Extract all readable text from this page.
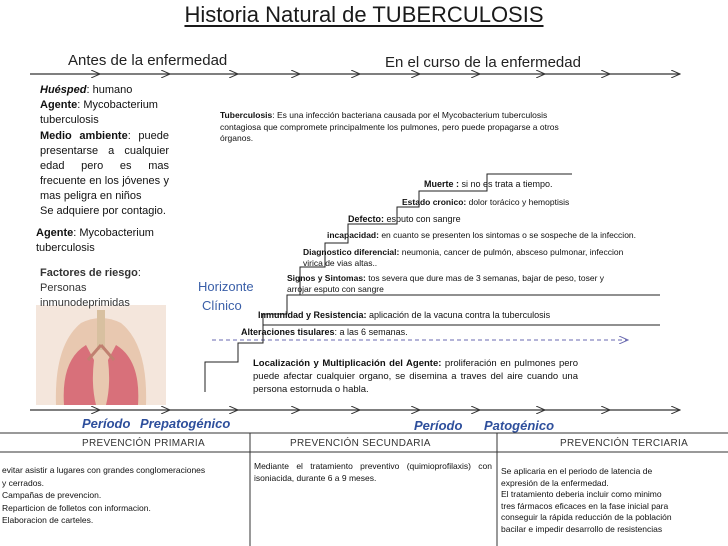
Historia Natural de TUBERCULOSIS
Antes de la enfermedad	En el curso de la enfermedad
Huésped: humano
Agente: Mycobacterium tuberculosis
Medio ambiente: puede presentarse a cualquier edad pero es mas frecuente en los jóvenes y mas peligra en niños
Se adquiere por contagio.
Agente: Mycobacterium tuberculosis
Factores de riesgo: Personas inmunodeprimidas
Tuberculosis: Es una infección bacteriana causada por el Mycobacterium tuberculosis contagiosa que compromete principalmente los pulmones, pero puede propagarse a otros órganos.
Horizonte
Clínico
Muerte : si no es trata a tiempo.
Estado cronico: dolor torácico y hemoptisis
Defecto: esputo con sangre
incapacidad: en cuanto se presenten los sintomas o se sospeche de la infeccion.
Diagnostico diferencial: neumonia, cancer de pulmón, absceso pulmonar, infeccion
virica de vias altas..
Signos y Sintomas: tos severa que dure mas de 3 semanas, bajar de peso, toser y
arrojar esputo con sangre
Inmunidad y Resistencia: aplicación de la vacuna contra la tuberculosis
Alteraciones tisulares: a las 6 semanas.
Localización y Multiplicación del Agente: proliferación en pulmones pero puede afectar cualquier organo, se disemina a traves del aire cuando una persona estornuda o habla.
Período Prepatogénico	Período Patogénico
PREVENCIÓN PRIMARIA	PREVENCIÓN SECUNDARIA	PREVENCIÓN TERCIARIA
evitar asistir a lugares con grandes conglomeraciones
y cerrados.
Campañas de prevencion.
Reparticion de folletos con informacion.
Elaboracion de carteles.
Mediante el tratamiento preventivo (quimioprofilaxis) con isoniacida, durante 6 a 9 meses.
Se aplicaria en el periodo de latencia de
expresión de la enfermedad.
El tratamiento deberia incluir como minimo
tres fármacos eficaces en la fase inicial para
conseguir la rápida reducción de la población
bacilar e impedir desarrollo de resistencias
